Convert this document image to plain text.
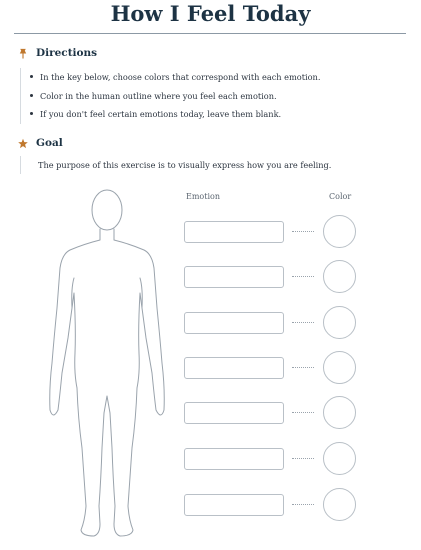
How I Feel Today
Directions
In the key below, choose colors that correspond with each emotion.
Color in the human outline where you feel each emotion.
If you don't feel certain emotions today, leave them blank.
Goal
The purpose of this exercise is to visually express how you are feeling.
Emotion	Color
